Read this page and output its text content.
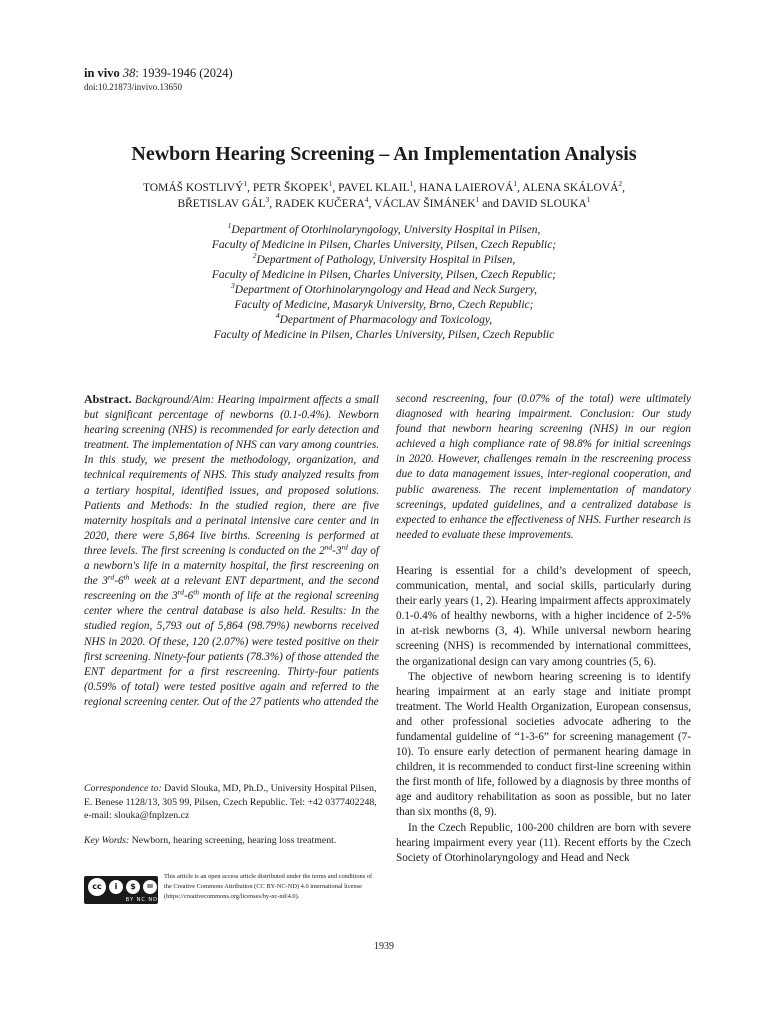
in vivo 38: 1939-1946 (2024)
doi:10.21873/invivo.13650
Newborn Hearing Screening – An Implementation Analysis
TOMÁŠ KOSTLIVÝ$^1$, PETR ŠKOPEK$^1$, PAVEL KLAIL$^1$, HANA LAIEROVÁ$^1$, ALENA SKÁLOVÁ$^2$,
BŘETISLAV GÁL$^3$, RADEK KUČERA$^4$, VÁCLAV ŠIMÁNEK$^1$ and DAVID SLOUKA$^1$
$^1$Department of Otorhinolaryngology, University Hospital in Pilsen,
Faculty of Medicine in Pilsen, Charles University, Pilsen, Czech Republic;
$^2$Department of Pathology, University Hospital in Pilsen,
Faculty of Medicine in Pilsen, Charles University, Pilsen, Czech Republic;
$^3$Department of Otorhinolaryngology and Head and Neck Surgery,
Faculty of Medicine, Masaryk University, Brno, Czech Republic;
$^4$Department of Pharmacology and Toxicology,
Faculty of Medicine in Pilsen, Charles University, Pilsen, Czech Republic

Abstract. Background/Aim: Hearing impairment affects a small but significant percentage of newborns (0.1-0.4%). Newborn hearing screening (NHS) is recommended for early detection and treatment. The implementation of NHS can vary among countries. In this study, we present the methodology, organization, and technical requirements of NHS. This study analyzed results from a tertiary hospital, identified issues, and proposed solutions. Patients and Methods: In the studied region, there are five maternity hospitals and a perinatal intensive care center and in 2020, there were 5,864 live births. Screening is performed at three levels. The first screening is conducted on the 2nd-3rd day of a newborn's life in a maternity hospital, the first rescreening on the 3rd-6th week at a relevant ENT department, and the second rescreening on the 3rd-6th month of life at the regional screening center where the central database is also held. Results: In the studied region, 5,793 out of 5,864 (98.79%) newborns received NHS in 2020. Of these, 120 (2.07%) were tested positive on their first screening. Ninety-four patients (78.3%) of those attended the ENT department for a first rescreening. Thirty-four patients (0.59% of total) were tested positive again and referred to the regional screening center. Out of the 27 patients who attended the

Correspondence to: David Slouka, MD, Ph.D., University Hospital Pilsen, E. Benese 1128/13, 305 99, Pilsen, Czech Republic. Tel: +42 0377402248, e-mail: slouka@fnplzen.cz
Key Words: Newborn, hearing screening, hearing loss treatment.
cc	i	$	=
BY NC ND
This article is an open access article distributed under the terms and conditions of the Creative Commons Attribution (CC BY-NC-ND) 4.0 international license (https://creativecommons.org/licenses/by-nc-nd/4.0).

second rescreening, four (0.07% of the total) were ultimately diagnosed with hearing impairment. Conclusion: Our study found that newborn hearing screening (NHS) in our region achieved a high compliance rate of 98.8% for initial screenings in 2020. However, challenges remain in the rescreening process due to data management issues, inter-regional cooperation, and public awareness. The recent implementation of mandatory screenings, updated guidelines, and a centralized database is expected to enhance the effectiveness of NHS. Further research is needed to evaluate these improvements.

Hearing is essential for a child’s development of speech, communication, mental, and social skills, particularly during their early years (1, 2). Hearing impairment affects approximately 0.1-0.4% of healthy newborns, with a higher incidence of 2-5% in at-risk newborns (3, 4). While universal newborn hearing screening (NHS) is recommended by international committees, the organizational design can vary among countries (5, 6).

The objective of newborn hearing screening is to identify hearing impairment at an early stage and initiate prompt treatment. The World Health Organization, European consensus, and other professional societies advocate adhering to the fundamental guideline of “1-3-6” for screening management (7-10). To ensure early detection of permanent hearing damage in children, it is recommended to conduct first-line screening within the first month of life, followed by a diagnosis by three months of age and auditory rehabilitation as soon as possible, but no later than six months (8, 9).

In the Czech Republic, 100-200 children are born with severe hearing impairment every year (11). Recent efforts by the Czech Society of Otorhinolaryngology and Head and Neck

1939
